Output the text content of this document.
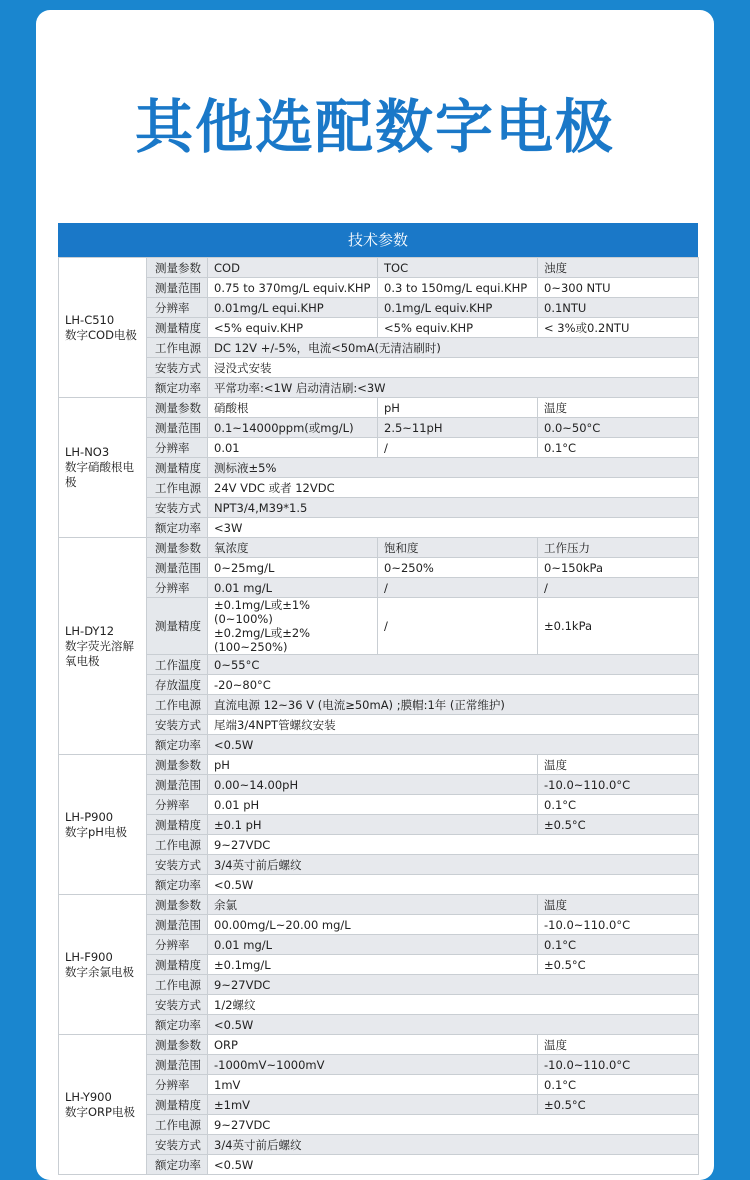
其他选配数字电极
技术参数
LH-C510
数字COD电极	测量参数	COD	TOC	浊度
	测量范围	0.75 to 370mg/L equiv.KHP	0.3 to 150mg/L equi.KHP	0~300 NTU
	分辨率	0.01mg/L equi.KHP	0.1mg/L equiv.KHP	0.1NTU
	测量精度	<5% equiv.KHP	<5% equiv.KHP	< 3%或0.2NTU
	工作电源	DC 12V +/-5%，电流<50mA(无清洁刷时)		
	安装方式	浸没式安装		
	额定功率	平常功率:<1W 启动清洁刷:<3W		

LH-NO3
数字硝酸根电极	测量参数	硝酸根	pH	温度
	测量范围	0.1~14000ppm(或mg/L)	2.5~11pH	0.0~50°C
	分辨率	0.01	/	0.1°C
	测量精度	测标液±5%		
	工作电源	24V VDC 或者 12VDC		
	安装方式	NPT3/4,M39*1.5		
	额定功率	<3W		

LH-DY12
数字荧光溶解氧电极	测量参数	氧浓度	饱和度	工作压力
	测量范围	0~25mg/L	0~250%	0~150kPa
	分辨率	0.01 mg/L	/	/
	测量精度	±0.1mg/L或±1% (0~100%)
±0.2mg/L或±2% (100~250%)	/	±0.1kPa
	工作温度	0~55°C		
	存放温度	-20~80°C		
	工作电源	直流电源 12~36 V (电流≥50mA) ;膜帽:1年 (正常维护)		
	安装方式	尾端3/4NPT管螺纹安装		
	额定功率	<0.5W		

LH-P900
数字pH电极	测量参数	pH		温度
	测量范围	0.00~14.00pH		-10.0~110.0°C
	分辨率	0.01 pH		0.1°C
	测量精度	±0.1 pH		±0.5°C
	工作电源	9~27VDC		
	安装方式	3/4英寸前后螺纹		
	额定功率	<0.5W		

LH-F900
数字余氯电极	测量参数	余氯		温度
	测量范围	00.00mg/L~20.00 mg/L		-10.0~110.0°C
	分辨率	0.01 mg/L		0.1°C
	测量精度	±0.1mg/L		±0.5°C
	工作电源	9~27VDC		
	安装方式	1/2螺纹		
	额定功率	<0.5W		

LH-Y900
数字ORP电极	测量参数	ORP		温度
	测量范围	-1000mV~1000mV		-10.0~110.0°C
	分辨率	1mV		0.1°C
	测量精度	±1mV		±0.5°C
	工作电源	9~27VDC		
	安装方式	3/4英寸前后螺纹		
	额定功率	<0.5W		
